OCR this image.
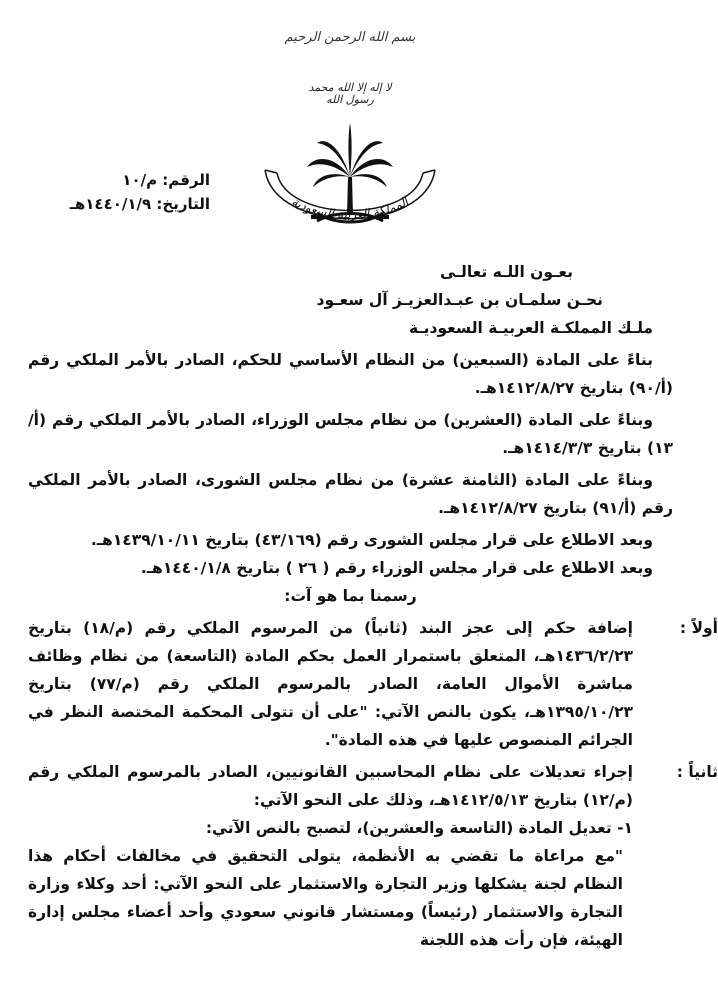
بسم الله الرحمن الرحيم
لا إله إلا الله محمد رسول الله
المملكة العربية السعودية
الرقم: م/١٠
التاريخ: ١٤٤٠/١/٩هـ

بعـون اللـه تعالـى

نحـن سلمـان بن عبـدالعزيـز آل سعـود

ملـك المملكـة العربيـة السعوديـة

بناءً على المادة (السبعين) من النظام الأساسي للحكم، الصادر بالأمر الملكي رقم (أ/٩٠) بتاريخ ١٤١٢/٨/٢٧هـ.

وبناءً على المادة (العشرين) من نظام مجلس الوزراء، الصادر بالأمر الملكي رقم (أ/١٣) بتاريخ ١٤١٤/٣/٣هـ.

وبناءً على المادة (الثامنة عشرة) من نظام مجلس الشورى، الصادر بالأمر الملكي رقم (أ/٩١) بتاريخ ١٤١٢/٨/٢٧هـ.

وبعد الاطلاع على قرار مجلس الشورى رقم (٤٣/١٦٩) بتاريخ ١٤٣٩/١٠/١١هـ.

وبعد الاطلاع على قرار مجلس الوزراء رقم ( ٢٦ ) بتاريخ ١٤٤٠/١/٨هـ.

رسمنا بما هو آت:

أولاً :
إضافة حكم إلى عجز البند (ثانياً) من المرسوم الملكي رقم (م/١٨) بتاريخ ١٤٣٦/٢/٢٣هـ، المتعلق باستمرار العمل بحكم المادة (التاسعة) من نظام وظائف مباشرة الأموال العامة، الصادر بالمرسوم الملكي رقم (م/٧٧) بتاريخ ١٣٩٥/١٠/٢٣هـ، يكون بالنص الآتي: "على أن تتولى المحكمة المختصة النظر في الجرائم المنصوص عليها في هذه المادة".
ثانياً :
إجراء تعديلات على نظام المحاسبين القانونيين، الصادر بالمرسوم الملكي رقم (م/١٢) بتاريخ ١٤١٢/٥/١٣هـ، وذلك على النحو الآتي:

١- تعديل المادة (التاسعة والعشرين)، لتصبح بالنص الآتي:

"مع مراعاة ما تقضي به الأنظمة، يتولى التحقيق في مخالفات أحكام هذا النظام لجنة يشكلها وزير التجارة والاستثمار على النحو الآتي: أحد وكلاء وزارة التجارة والاستثمار (رئيساً) ومستشار قانوني سعودي وأحد أعضاء مجلس إدارة الهيئة، فإن رأت هذه اللجنة
